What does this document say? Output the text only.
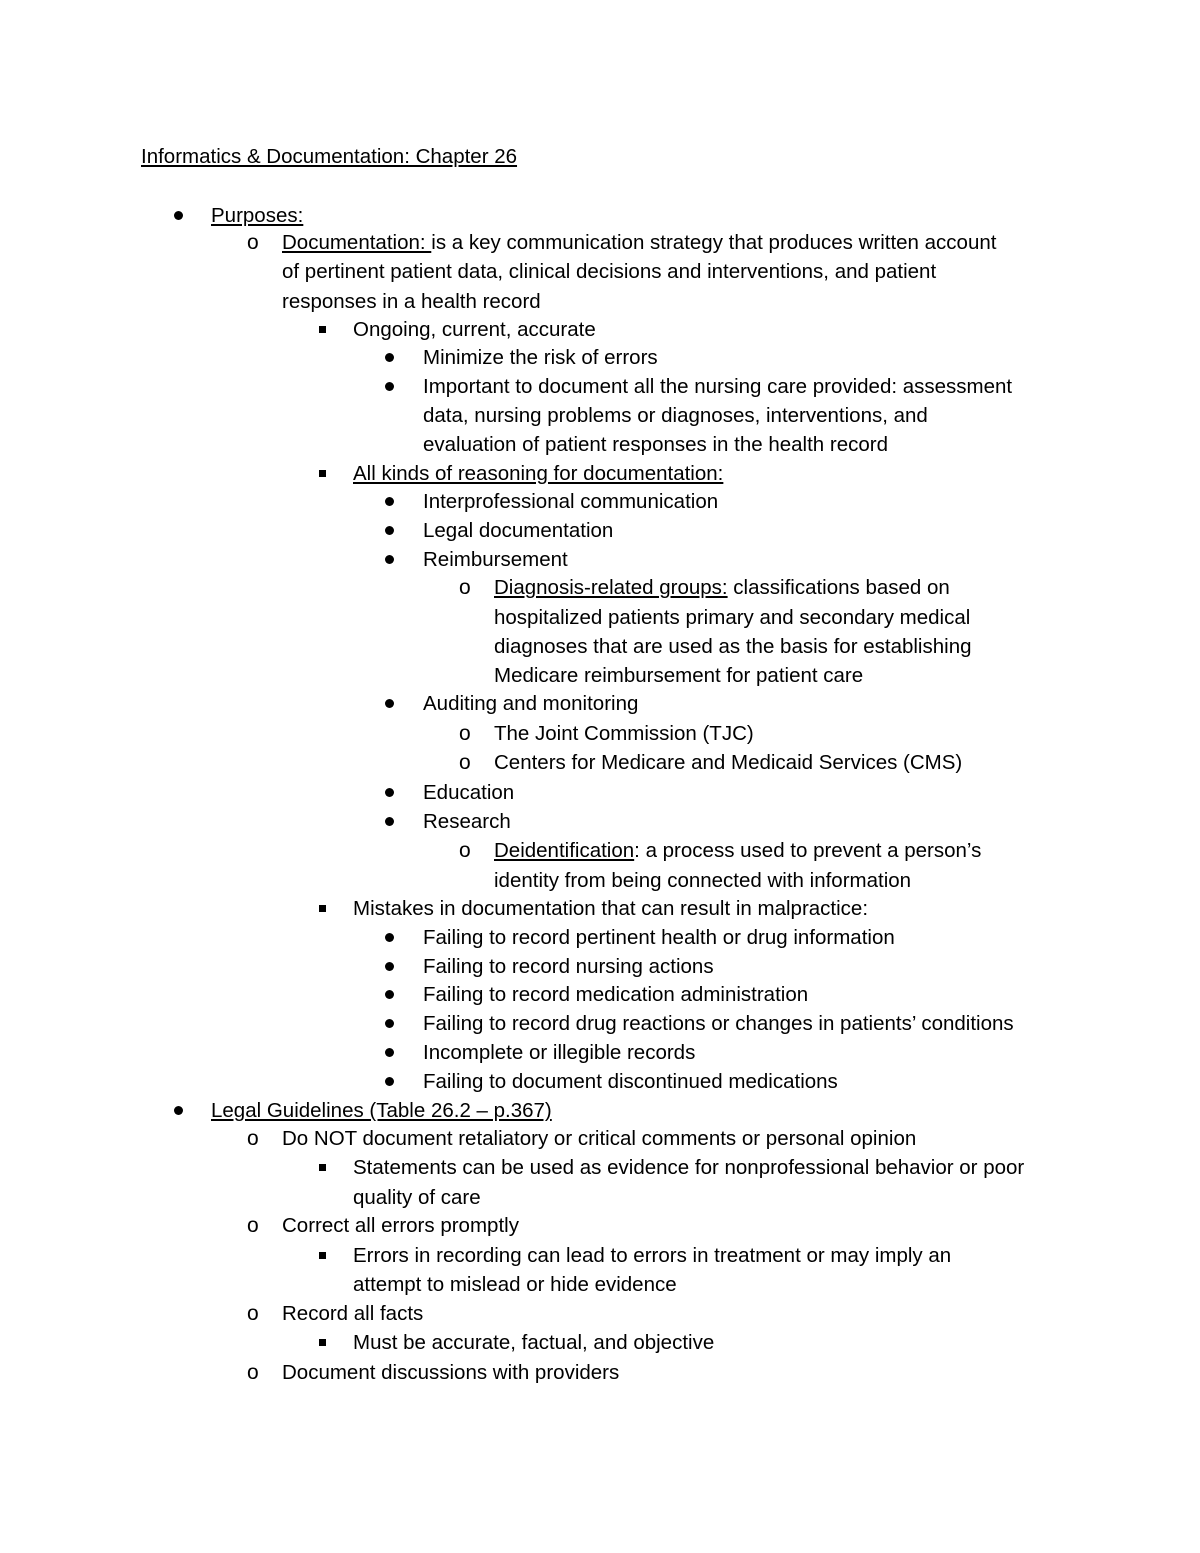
Informatics & Documentation: Chapter 26
Purposes:
o Documentation: is a key communication strategy that produces written account
of pertinent patient data, clinical decisions and interventions, and patient
responses in a health record
Ongoing, current, accurate
Minimize the risk of errors
Important to document all the nursing care provided: assessment
data, nursing problems or diagnoses, interventions, and
evaluation of patient responses in the health record
All kinds of reasoning for documentation:
Interprofessional communication
Legal documentation
Reimbursement
o Diagnosis-related groups: classifications based on
hospitalized patients primary and secondary medical
diagnoses that are used as the basis for establishing
Medicare reimbursement for patient care
Auditing and monitoring
o The Joint Commission (TJC)
o Centers for Medicare and Medicaid Services (CMS)
Education
Research
o Deidentification: a process used to prevent a person’s
identity from being connected with information
Mistakes in documentation that can result in malpractice:
Failing to record pertinent health or drug information
Failing to record nursing actions
Failing to record medication administration
Failing to record drug reactions or changes in patients’ conditions
Incomplete or illegible records
Failing to document discontinued medications
Legal Guidelines (Table 26.2 – p.367)
o Do NOT document retaliatory or critical comments or personal opinion
Statements can be used as evidence for nonprofessional behavior or poor
quality of care
o Correct all errors promptly
Errors in recording can lead to errors in treatment or may imply an
attempt to mislead or hide evidence
o Record all facts
Must be accurate, factual, and objective
o Document discussions with providers
